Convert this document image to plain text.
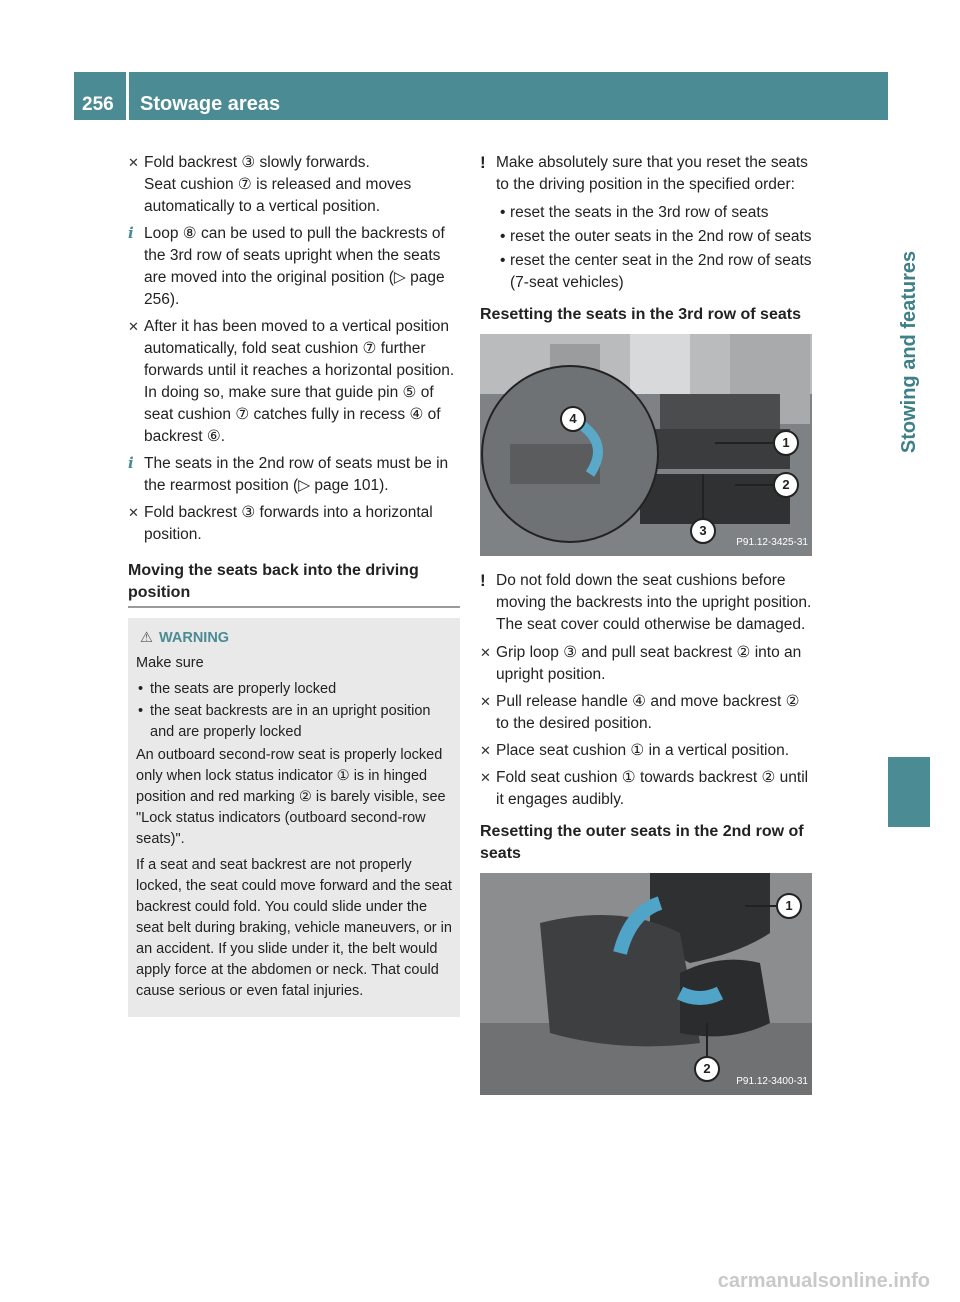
256	Stowage areas
Stowing and features
✕ Fold backrest ③ slowly forwards.
Seat cushion ⑦ is released and moves automatically to a vertical position.
i Loop ⑧ can be used to pull the backrests of the 3rd row of seats upright when the seats are moved into the original position (▷ page 256).
✕ After it has been moved to a vertical position automatically, fold seat cushion ⑦ further forwards until it reaches a horizontal position. In doing so, make sure that guide pin ⑤ of seat cushion ⑦ catches fully in recess ④ of backrest ⑥.
i The seats in the 2nd row of seats must be in the rearmost position (▷ page 101).
✕ Fold backrest ③ forwards into a horizontal position.
Moving the seats back into the driving position
⚠ WARNING
Make sure
• the seats are properly locked
• the seat backrests are in an upright position and are properly locked
An outboard second-row seat is properly locked only when lock status indicator ① is in hinged position and red marking ② is barely visible, see "Lock status indicators (outboard second-row seats)".
If a seat and seat backrest are not properly locked, the seat could move forward and the seat backrest could fold. You could slide under the seat belt during braking, vehicle maneuvers, or in an accident. If you slide under it, the belt would apply force at the abdomen or neck. That could cause serious or even fatal injuries.
! Make absolutely sure that you reset the seats to the driving position in the specified order:
• reset the seats in the 3rd row of seats
• reset the outer seats in the 2nd row of seats
• reset the center seat in the 2nd row of seats (7-seat vehicles)
Resetting the seats in the 3rd row of seats
4
1
2
3
P91.12-3425-31
! Do not fold down the seat cushions before moving the backrests into the upright position. The seat cover could otherwise be damaged.
✕ Grip loop ③ and pull seat backrest ② into an upright position.
✕ Pull release handle ④ and move backrest ② to the desired position.
✕ Place seat cushion ① in a vertical position.
✕ Fold seat cushion ① towards backrest ② until it engages audibly.
Resetting the outer seats in the 2nd row of seats
1
2
P91.12-3400-31
carmanualsonline.info
